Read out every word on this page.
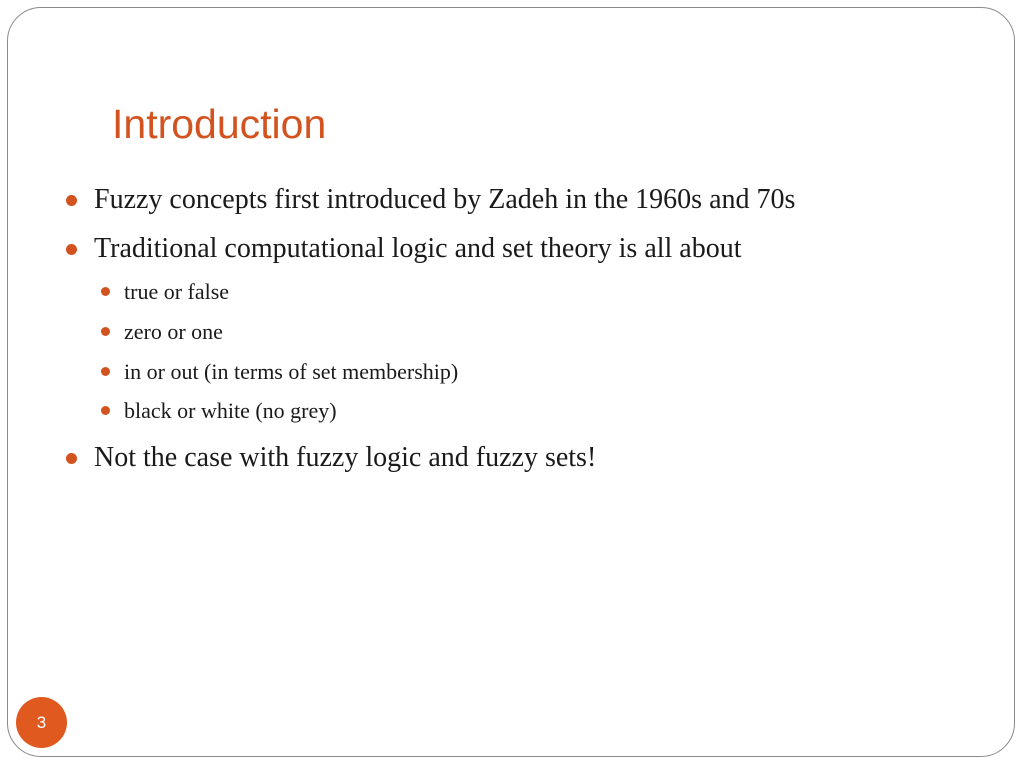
Introduction
Fuzzy concepts first introduced by Zadeh in the 1960s and 70s
Traditional computational logic and set theory is all about
true or false
zero or one
in or out (in terms of set membership)
black or white (no grey)
Not the case with fuzzy logic and fuzzy sets!
3
